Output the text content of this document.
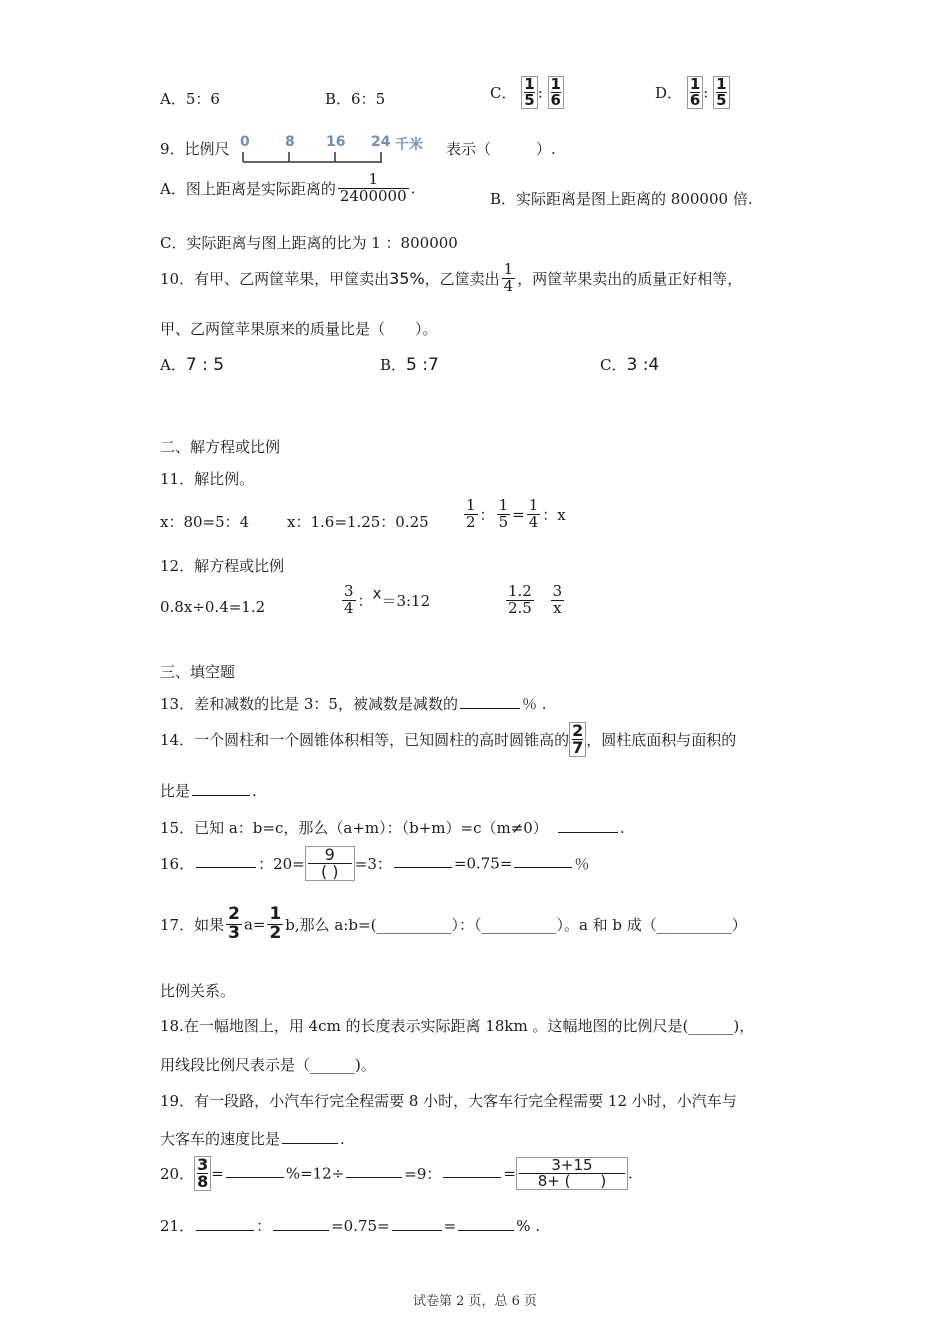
A．5：6	B．6：5	C． $\frac{1}{5}$ : $\frac{1}{6}$	D． $\frac{1}{6}$ : $\frac{1}{5}$
9．比例尺 0	8 16 24 千米 表示（　　　）.
A．图上距离是实际距离的 $\frac{1}{2400000}$ .
B．实际距离是图上距离的 800000 倍.
C．实际距离与图上距离的比为 1 ：800000
10．有甲、乙两筐苹果，甲筐卖出35%，乙筐卖出 $\frac{1}{4}$ ，两筐苹果卖出的质量正好相等，
甲、乙两筐苹果原来的质量比是（　　）。
A．7 : 5	B．5 :7	C．3 :4
二、解方程或比例
11．解比例。
x：80=5：4	x：1.6=1.25：$0.25 \frac{1}{2}$ ： $\frac{1}{5} = \frac{1}{4}$ ：x
12．解方程或比例
0.8x÷0.4=1.2	$\frac{3}{4}$ ：x＝3:12	$\frac{1.2}{2.5}$
$\frac{3}{x}$
三、填空题
13．差和减数的比是 3：5，被减数是减数的	％ .
14．一个圆柱和一个圆锥体积相等，已知圆柱的高时圆锥高的 $\frac{2}{7}$ ，圆柱底面积与面积的
比是	.
15．已知 a：b=c，那么（a+m）：（b+m）=c（m≠0）	.
16．	：20= 9
( )	=3：	=0.75=	％
17．如果 $\frac{2}{3} a= \frac{1}{2} b$,那么 a:b=(__________）：（__________）。a 和 b 成（__________）
比例关系。
18.在一幅地图上，用 4cm 的长度表示实际距离 18km 。这幅地图的比例尺是(______)，
用线段比例尺表示是（______)。
19．有一段路，小汽车行完全程需要 8 小时，大客车行完全程需要 12 小时，小汽车与
大客车的速度比是	.
20． $\frac{3}{8}$ =	%=12÷	=9：	= $\frac{3+15}{8+ ( )}$ .
21．	：	=0.75=	=	% .
试卷第 2 页，总 6 页
